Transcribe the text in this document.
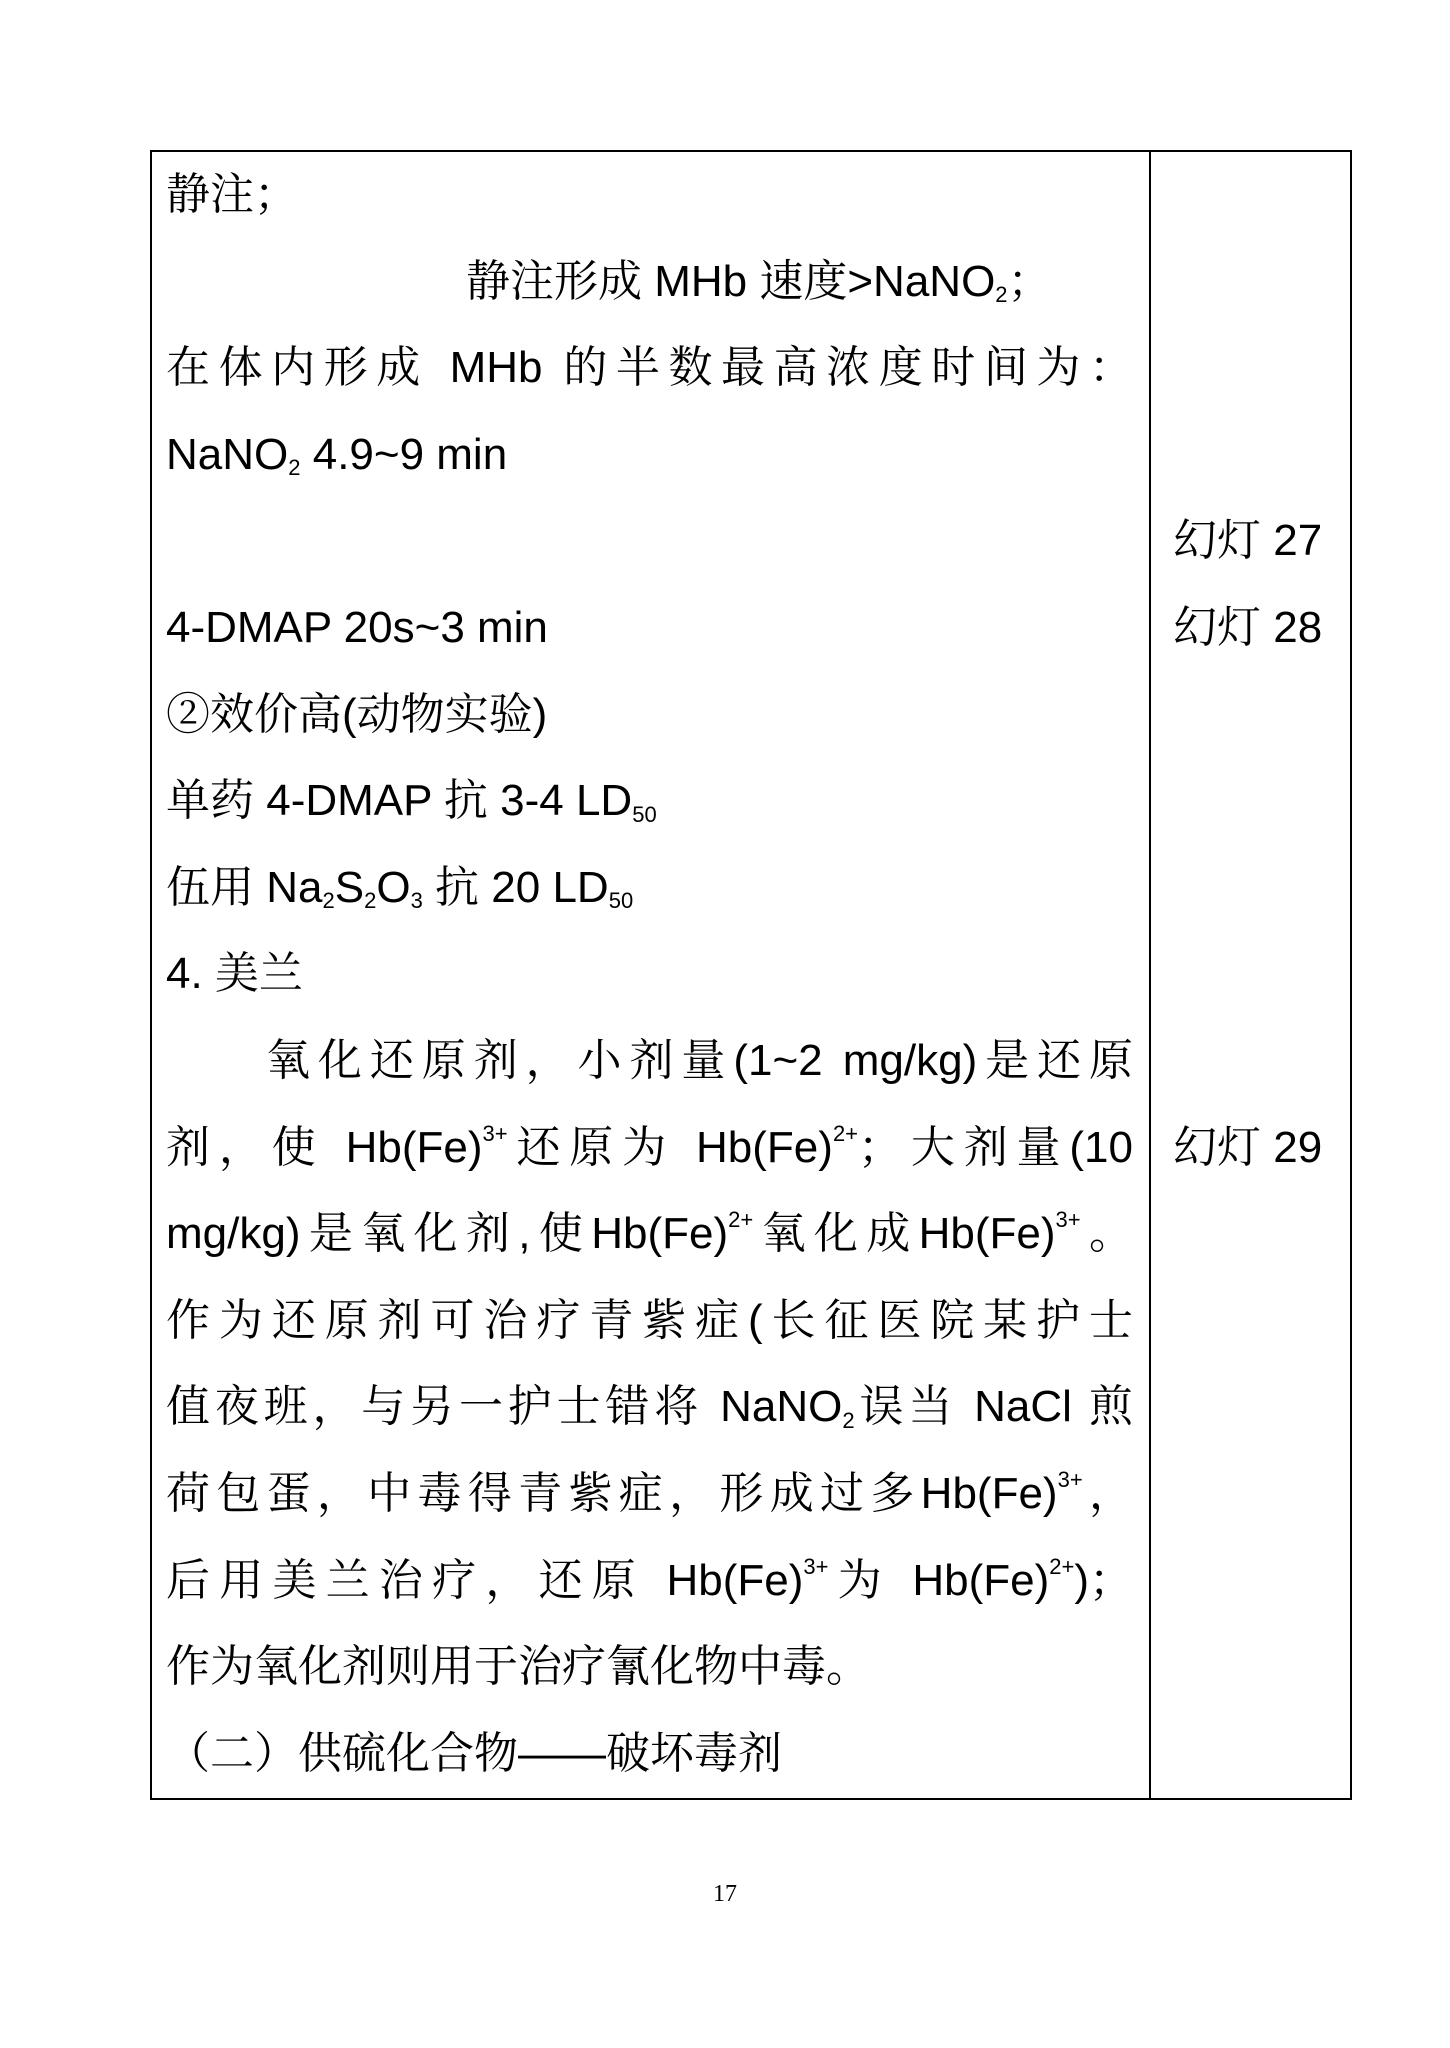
静注；
静注形成 MHb 速度>NaNO2；
在体内形成 MHb 的半数最高浓度时间为：
NaNO2 4.9~9 min
幻灯 27
4-DMAP 20s~3 min	幻灯 28
②效价高(动物实验)
单药 4-DMAP 抗 3-4 LD50
伍用 Na2S2O3 抗 20 LD50
4. 美兰
氧化还原剂，小剂量(1~2 mg/kg)是还原
剂，使 $Hb(Fe)^{3+}$还原为 $Hb(Fe)^{2+}$；大剂量(10 幻灯 29
mg/kg)是氧化剂,使$Hb(Fe)^{2+}$氧化成$Hb(Fe)^{3+}$。
作为还原剂可治疗青紫症(长征医院某护士
值夜班，与另一护士错将 NaNO2误当 NaCl 煎
荷包蛋，中毒得青紫症，形成过多$Hb(Fe)^{3+}$，
后用美兰治疗，还原 $Hb(Fe)^{3+}$为 $Hb(Fe)^{2+}$)；
作为氧化剂则用于治疗氰化物中毒。
（二）供硫化合物——破坏毒剂
17
